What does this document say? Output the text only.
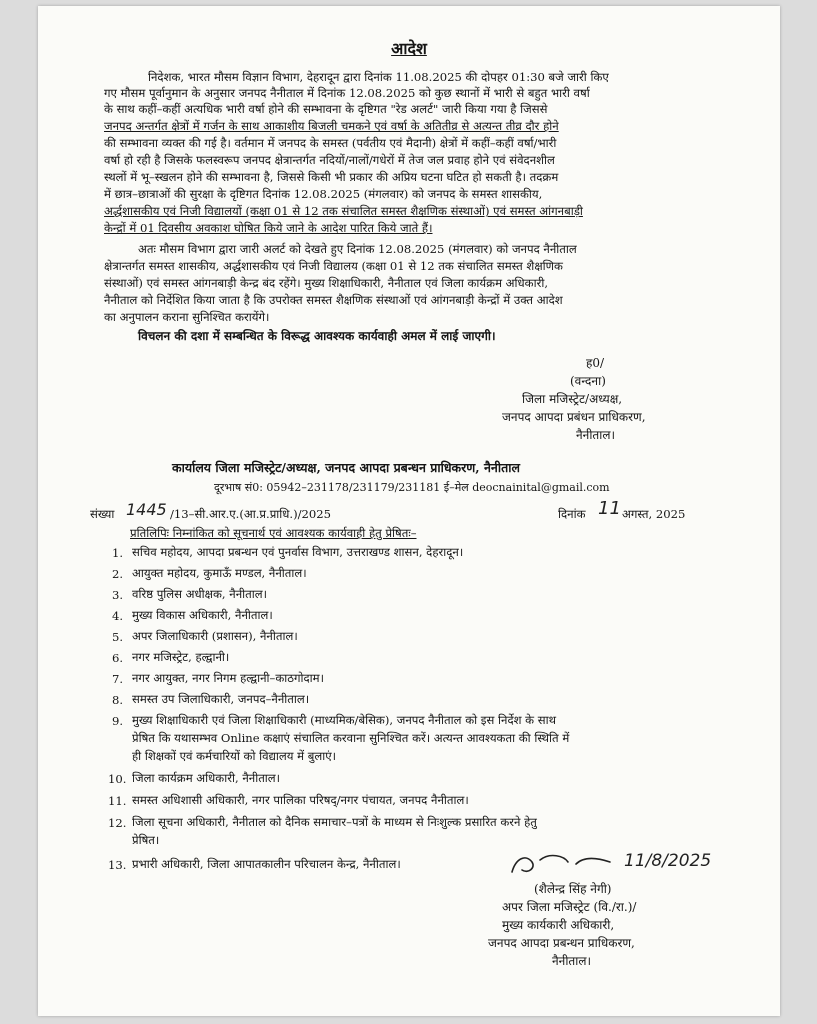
आदेश
निदेशक, भारत मौसम विज्ञान विभाग, देहरादून द्वारा दिनांक 11.08.2025 की दोपहर 01:30 बजे जारी किए
गए मौसम पूर्वानुमान के अनुसार जनपद नैनीताल में दिनांक 12.08.2025 को कुछ स्थानों में भारी से बहुत भारी वर्षा
के साथ कहीं–कहीं अत्यधिक भारी वर्षा होने की सम्भावना के दृष्टिगत "रेड अलर्ट" जारी किया गया है जिससे
जनपद अन्तर्गत क्षेत्रों में गर्जन के साथ आकाशीय बिजली चमकने एवं वर्षा के अतितीव्र से अत्यन्त तीव्र दौर होने
की सम्भावना व्यक्त की गई है। वर्तमान में जनपद के समस्त (पर्वतीय एवं मैदानी) क्षेत्रों में कहीं–कहीं वर्षा/भारी
वर्षा हो रही है जिसके फलस्वरूप जनपद क्षेत्रान्तर्गत नदियों/नालों/गधेरों में तेज जल प्रवाह होने एवं संवेदनशील
स्थलों में भू–स्खलन होने की सम्भावना है, जिससे किसी भी प्रकार की अप्रिय घटना घटित हो सकती है। तदक्रम
में छात्र–छात्राओं की सुरक्षा के दृष्टिगत दिनांक 12.08.2025 (मंगलवार) को जनपद के समस्त शासकीय,
अर्द्धशासकीय एवं निजी विद्यालयों (कक्षा 01 से 12 तक संचालित समस्त शैक्षणिक संस्थाओं) एवं समस्त आंगनबाड़ी
केन्द्रों में 01 दिवसीय अवकाश घोषित किये जाने के आदेश पारित किये जाते हैं।
अतः मौसम विभाग द्वारा जारी अलर्ट को देखते हुए दिनांक 12.08.2025 (मंगलवार) को जनपद नैनीताल
क्षेत्रान्तर्गत समस्त शासकीय, अर्द्धशासकीय एवं निजी विद्यालय (कक्षा 01 से 12 तक संचालित समस्त शैक्षणिक
संस्थाओं) एवं समस्त आंगनबाड़ी केन्द्र बंद रहेंगे। मुख्य शिक्षाधिकारी, नैनीताल एवं जिला कार्यक्रम अधिकारी,
नैनीताल को निर्देशित किया जाता है कि उपरोक्त समस्त शैक्षणिक संस्थाओं एवं आंगनबाड़ी केन्द्रों में उक्त आदेश
का अनुपालन कराना सुनिश्चित करायेंगे।
विचलन की दशा में सम्बन्धित के विरूद्ध आवश्यक कार्यवाही अमल में लाई जाएगी।
ह0/
(वन्दना)
जिला मजिस्ट्रेट/अध्यक्ष,
जनपद आपदा प्रबंधन प्राधिकरण,
नैनीताल।
कार्यालय जिला मजिस्ट्रेट/अध्यक्ष, जनपद आपदा प्रबन्धन प्राधिकरण, नैनीताल
दूरभाष सं0: 05942–231178/231179/231181 ई–मेल deocnainital@gmail.com
संख्या 1445 /13–सी.आर.ए.(आ.प्र.प्राधि.)/2025	दिनांक 11 अगस्त, 2025
प्रतिलिपिः निम्नांकित को सूचनार्थ एवं आवश्यक कार्यवाही हेतु प्रेषितः–
1. सचिव महोदय, आपदा प्रबन्धन एवं पुनर्वास विभाग, उत्तराखण्ड शासन, देहरादून।
2. आयुक्त महोदय, कुमाऊँ मण्डल, नैनीताल।
3. वरिष्ठ पुलिस अधीक्षक, नैनीताल।
4. मुख्य विकास अधिकारी, नैनीताल।
5. अपर जिलाधिकारी (प्रशासन), नैनीताल।
6. नगर मजिस्ट्रेट, हल्द्वानी।
7. नगर आयुक्त, नगर निगम हल्द्वानी–काठगोदाम।
8. समस्त उप जिलाधिकारी, जनपद–नैनीताल।
9. मुख्य शिक्षाधिकारी एवं जिला शिक्षाधिकारी (माध्यमिक/बेसिक), जनपद नैनीताल को इस निर्देश के साथ
प्रेषित कि यथासम्भव Online कक्षाएं संचालित करवाना सुनिश्चित करें। अत्यन्त आवश्यकता की स्थिति में
ही शिक्षकों एवं कर्मचारियों को विद्यालय में बुलाएं।
10. जिला कार्यक्रम अधिकारी, नैनीताल।
11. समस्त अधिशासी अधिकारी, नगर पालिका परिषद्/नगर पंचायत, जनपद नैनीताल।
12. जिला सूचना अधिकारी, नैनीताल को दैनिक समाचार–पत्रों के माध्यम से निःशुल्क प्रसारित करने हेतु
प्रेषित।
13. प्रभारी अधिकारी, जिला आपातकालीन परिचालन केन्द्र, नैनीताल।	11/8/2025
(शैलेन्द्र सिंह नेगी)
अपर जिला मजिस्ट्रेट (वि./रा.)/
मुख्य कार्यकारी अधिकारी,
जनपद आपदा प्रबन्धन प्राधिकरण,
नैनीताल।
